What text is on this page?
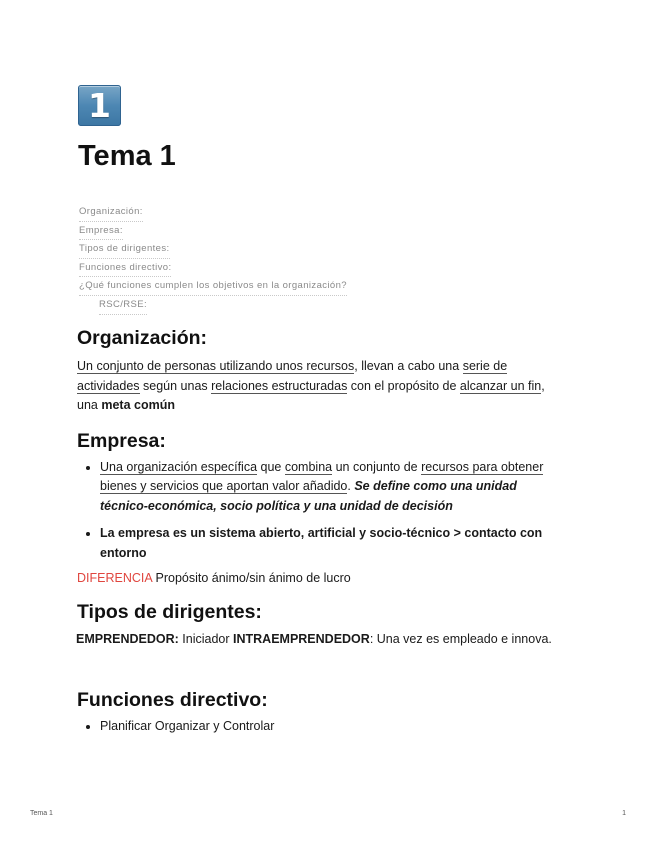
1
Tema 1
Organización:
Empresa:
Tipos de dirigentes:
Funciones directivo:
¿Qué funciones cumplen los objetivos en la organización?
RSC/RSE:
Organización:

Un conjunto de personas utilizando unos recursos, llevan a cabo una serie de actividades según unas relaciones estructuradas con el propósito de alcanzar un fin, una meta común

Empresa:
• Una organización específica que combina un conjunto de recursos para obtener bienes y servicios que aportan valor añadido. Se define como una unidad técnico-económica, socio política y una unidad de decisión
• La empresa es un sistema abierto, artificial y socio-técnico > contacto con entorno

DIFERENCIA Propósito ánimo/sin ánimo de lucro

Tipos de dirigentes:

EMPRENDEDOR: Iniciador INTRAEMPRENDEDOR: Una vez es empleado e innova.

Funciones directivo:
• Planificar Organizar y Controlar
Tema 1	1
